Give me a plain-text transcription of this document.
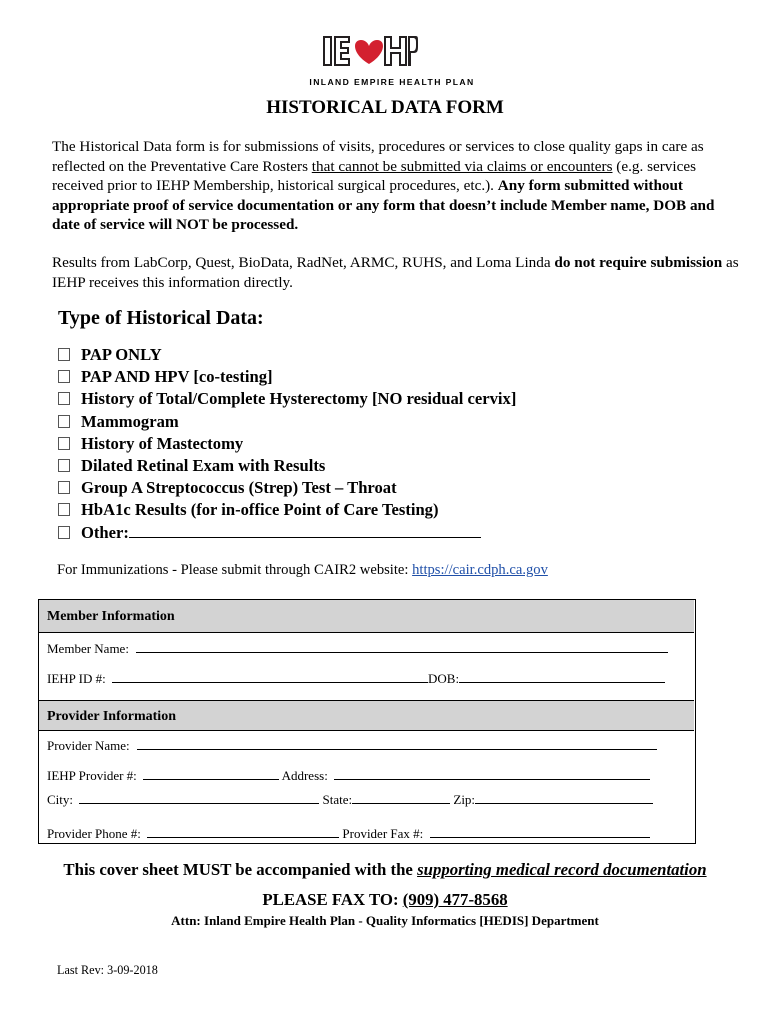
INLAND EMPIRE HEALTH PLAN
HISTORICAL DATA FORM
The Historical Data form is for submissions of visits, procedures or services to close quality gaps in care as reflected on the Preventative Care Rosters that cannot be submitted via claims or encounters (e.g. services received prior to IEHP Membership, historical surgical procedures, etc.). Any form submitted without appropriate proof of service documentation or any form that doesn’t include Member name, DOB and date of service will NOT be processed.
Results from LabCorp, Quest, BioData, RadNet, ARMC, RUHS, and Loma Linda do not require submission as IEHP receives this information directly.
Type of Historical Data:
PAP ONLY
PAP AND HPV [co-testing]
History of Total/Complete Hysterectomy [NO residual cervix]
Mammogram
History of Mastectomy
Dilated Retinal Exam with Results
Group A Streptococcus (Strep) Test – Throat
HbA1c Results (for in-office Point of Care Testing)
Other:
For Immunizations - Please submit through CAIR2 website: https://cair.cdph.ca.gov
Member Information
Member Name:
IEHP ID #:	DOB:
Provider Information
Provider Name:
IEHP Provider #:	Address:
City:	State:	Zip:
Provider Phone #:	Provider Fax #:
This cover sheet MUST be accompanied with the supporting medical record documentation
PLEASE FAX TO: (909) 477-8568
Attn: Inland Empire Health Plan - Quality Informatics [HEDIS] Department
Last Rev: 3-09-2018
